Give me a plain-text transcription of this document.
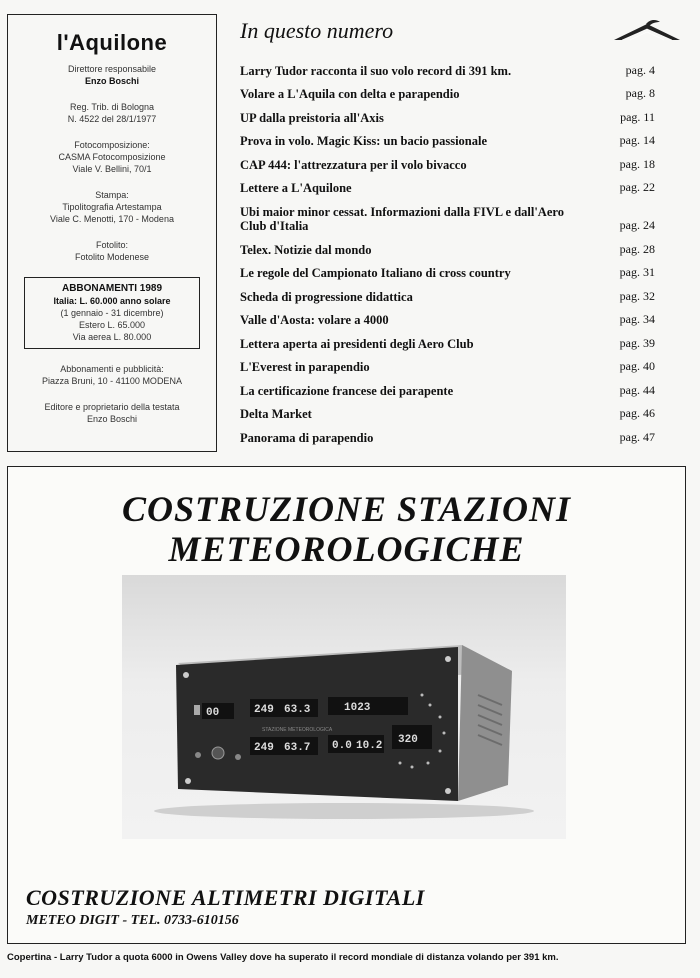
l'Aquilone
Direttore responsabile
Enzo Boschi
Reg. Trib. di Bologna
N. 4522 del 28/1/1977
Fotocomposizione:
CASMA Fotocomposizione
Viale V. Bellini, 70/1
Stampa:
Tipolitografia Artestampa
Viale C. Menotti, 170 - Modena
Fotolito:
Fotolito Modenese
ABBONAMENTI 1989
Italia: L. 60.000 anno solare
(1 gennaio - 31 dicembre)
Estero L. 65.000
Via aerea L. 80.000
Abbonamenti e pubblicità:
Piazza Bruni, 10 - 41100 MODENA
Editore e proprietario della testata
Enzo Boschi
In questo numero
Larry Tudor racconta il suo volo record di 391 km.	pag. 4
Volare a L'Aquila con delta e parapendio	pag. 8
UP dalla preistoria all'Axis	pag. 11
Prova in volo. Magic Kiss: un bacio passionale	pag. 14
CAP 444: l'attrezzatura per il volo bivacco	pag. 18
Lettere a L'Aquilone	pag. 22
Ubi maior minor cessat. Informazioni dalla FIVL e dall'Aero Club d'Italia	pag. 24
Telex. Notizie dal mondo	pag. 28
Le regole del Campionato Italiano di cross country	pag. 31
Scheda di progressione didattica	pag. 32
Valle d'Aosta: volare a 4000	pag. 34
Lettera aperta ai presidenti degli Aero Club	pag. 39
L'Everest in parapendio	pag. 40
La certificazione francese dei parapente	pag. 44
Delta Market	pag. 46
Panorama di parapendio	pag. 47
COSTRUZIONE STAZIONI
METEOROLOGICHE
00	249 63.3	1023
STAZIONE METEOROLOGICA
249 63.7 0.0 10.2 320
COSTRUZIONE ALTIMETRI DIGITALI
METEO DIGIT - TEL. 0733-610156
Copertina - Larry Tudor a quota 6000 in Owens Valley dove ha superato il record mondiale di distanza volando per 391 km.
